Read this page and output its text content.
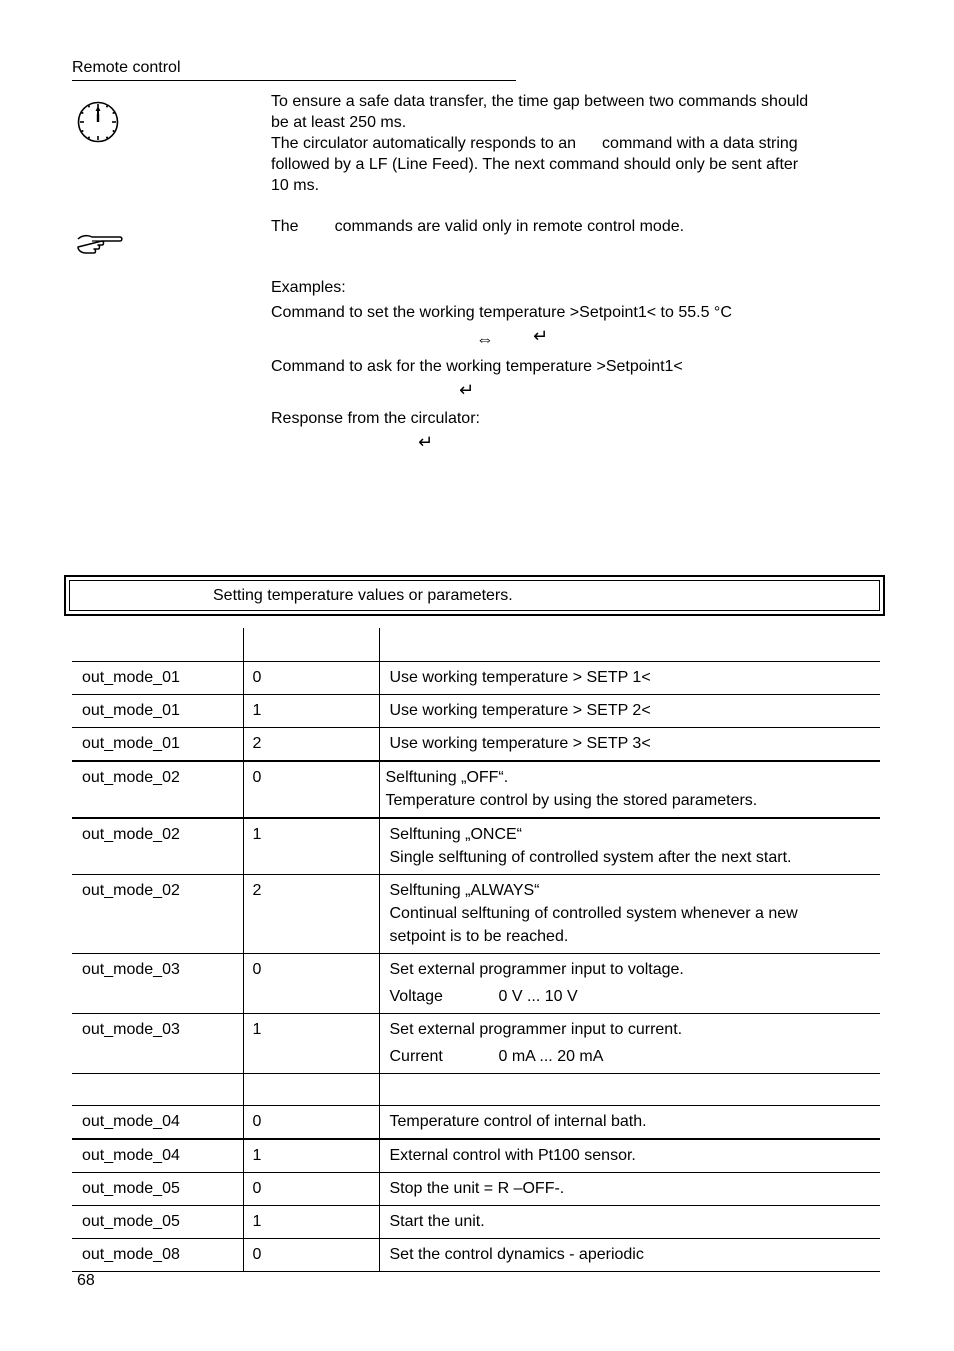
Remote control
To ensure a safe data transfer, the time gap between two commands should
be at least 250 ms.
The circulator automatically responds to an command with a data string
followed by a LF (Line Feed). The next command should only be sent after
10 ms.
The commands are valid only in remote control mode.
Examples:
Command to set the working temperature >Setpoint1< to 55.5 °C
⇔ ↵
Command to ask for the working temperature >Setpoint1<
↵
Response from the circulator:
↵
Setting temperature values or parameters.

out_mode_01	0	Use working temperature > SETP 1<

out_mode_01	1	Use working temperature > SETP 2<

out_mode_01	2	Use working temperature > SETP 3<

out_mode_02	0	Selftuning „OFF“.
Temperature control by using the stored parameters.

out_mode_02	1	Selftuning „ONCE“
Single selftuning of controlled system after the next start.

out_mode_02	2	Selftuning „ALWAYS“
Continual selftuning of controlled system whenever a new
setpoint is to be reached.

out_mode_03	0	Set external programmer input to voltage.
Voltage 0 V ... 10 V

out_mode_03	1	Set external programmer input to current.
Current 0 mA ... 20 mA

out_mode_04	0	Temperature control of internal bath.

out_mode_04	1	External control with Pt100 sensor.

out_mode_05	0	Stop the unit = R –OFF-.

out_mode_05	1	Start the unit.

out_mode_08	0	Set the control dynamics - aperiodic
68
